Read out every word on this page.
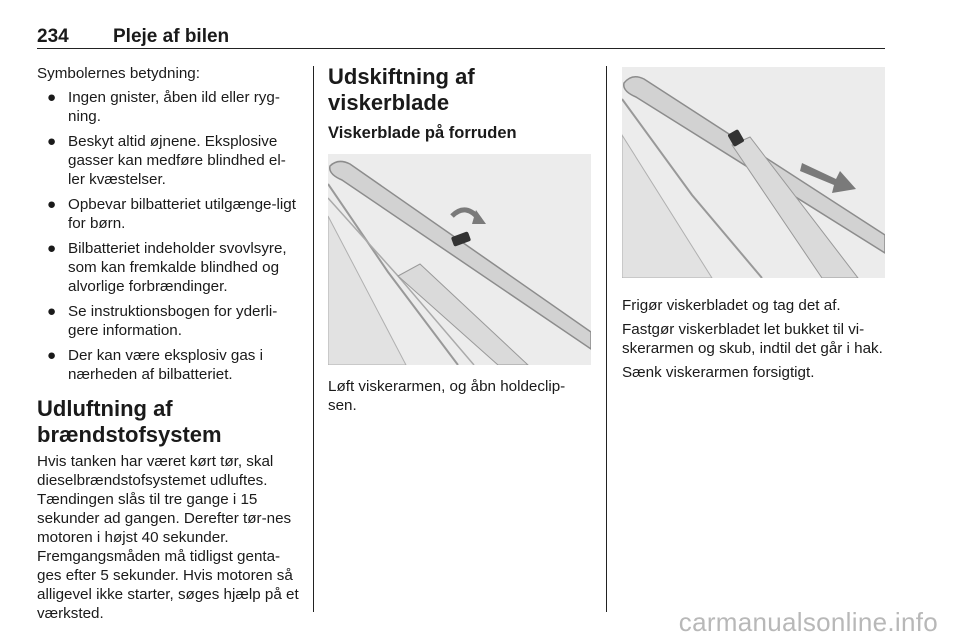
234 Pleje af bilen

Symbolernes betydning:

● Ingen gnister, åben ild eller ryg-ning.
● Beskyt altid øjnene. Eksplosive gasser kan medføre blindhed el-ler kvæstelser.
● Opbevar bilbatteriet utilgænge-ligt for børn.
● Bilbatteriet indeholder svovlsyre, som kan fremkalde blindhed og alvorlige forbrændinger.
● Se instruktionsbogen for yderli-gere information.
● Der kan være eksplosiv gas i nærheden af bilbatteriet.
Udluftning af brændstofsystem

Hvis tanken har været kørt tør, skal dieselbrændstofsystemet udluftes. Tændingen slås til tre gange i 15 sekunder ad gangen. Derefter tør-nes motoren i højst 40 sekunder. Fremgangsmåden må tidligst genta-ges efter 5 sekunder. Hvis motoren så alligevel ikke starter, søges hjælp på et værksted.

Udskiftning af viskerblade
Viskerblade på forruden

Løft viskerarmen, og åbn holdeclip-sen.

Frigør viskerbladet og tag det af.

Fastgør viskerbladet let bukket til vi-skerarmen og skub, indtil det går i hak.

Sænk viskerarmen forsigtigt.

carmanualsonline.info
